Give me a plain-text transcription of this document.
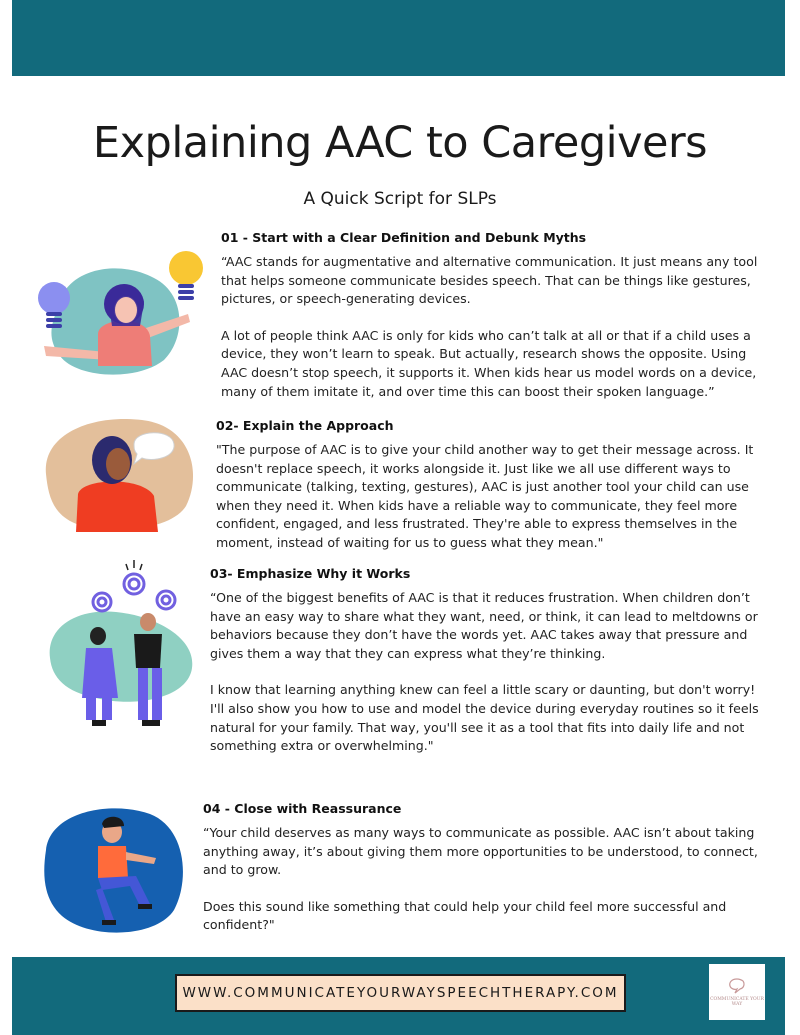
Explaining AAC to Caregivers
A Quick Script for SLPs
01 - Start with a Clear Definition and Debunk Myths

“AAC stands for augmentative and alternative communication. It just means any tool that helps someone communicate besides speech. That can be things like gestures, pictures, or speech-generating devices.

A lot of people think AAC is only for kids who can’t talk at all or that if a child uses a device, they won’t learn to speak. But actually, research shows the opposite. Using AAC doesn’t stop speech, it supports it. When kids hear us model words on a device, many of them imitate it, and over time this can boost their spoken language.”

02- Explain the Approach

"The purpose of AAC is to give your child another way to get their message across. It doesn't replace speech, it works alongside it. Just like we all use different ways to communicate (talking, texting, gestures), AAC is just another tool your child can use when they need it. When kids have a reliable way to communicate, they feel more confident, engaged, and less frustrated. They're able to express themselves in the moment, instead of waiting for us to guess what they mean."

03- Emphasize Why it Works

“One of the biggest benefits of AAC is that it reduces frustration. When children don’t have an easy way to share what they want, need, or think, it can lead to meltdowns or behaviors because they don’t have the words yet. AAC takes away that pressure and gives them a way that they can express what they’re thinking.

I know that learning anything knew can feel a little scary or daunting, but don't worry! I'll also show you how to use and model the device during everyday routines so it feels natural for your family. That way, you'll see it as a tool that fits into daily life and not something extra or overwhelming."

04 - Close with Reassurance

“Your child deserves as many ways to communicate as possible. AAC isn’t about taking anything away, it’s about giving them more opportunities to be understood, to connect, and to grow.

Does this sound like something that could help your child feel more successful and confident?"

WWW.COMMUNICATEYOURWAYSPEECHTHERAPY.COM	COMMUNICATE YOUR WAY
